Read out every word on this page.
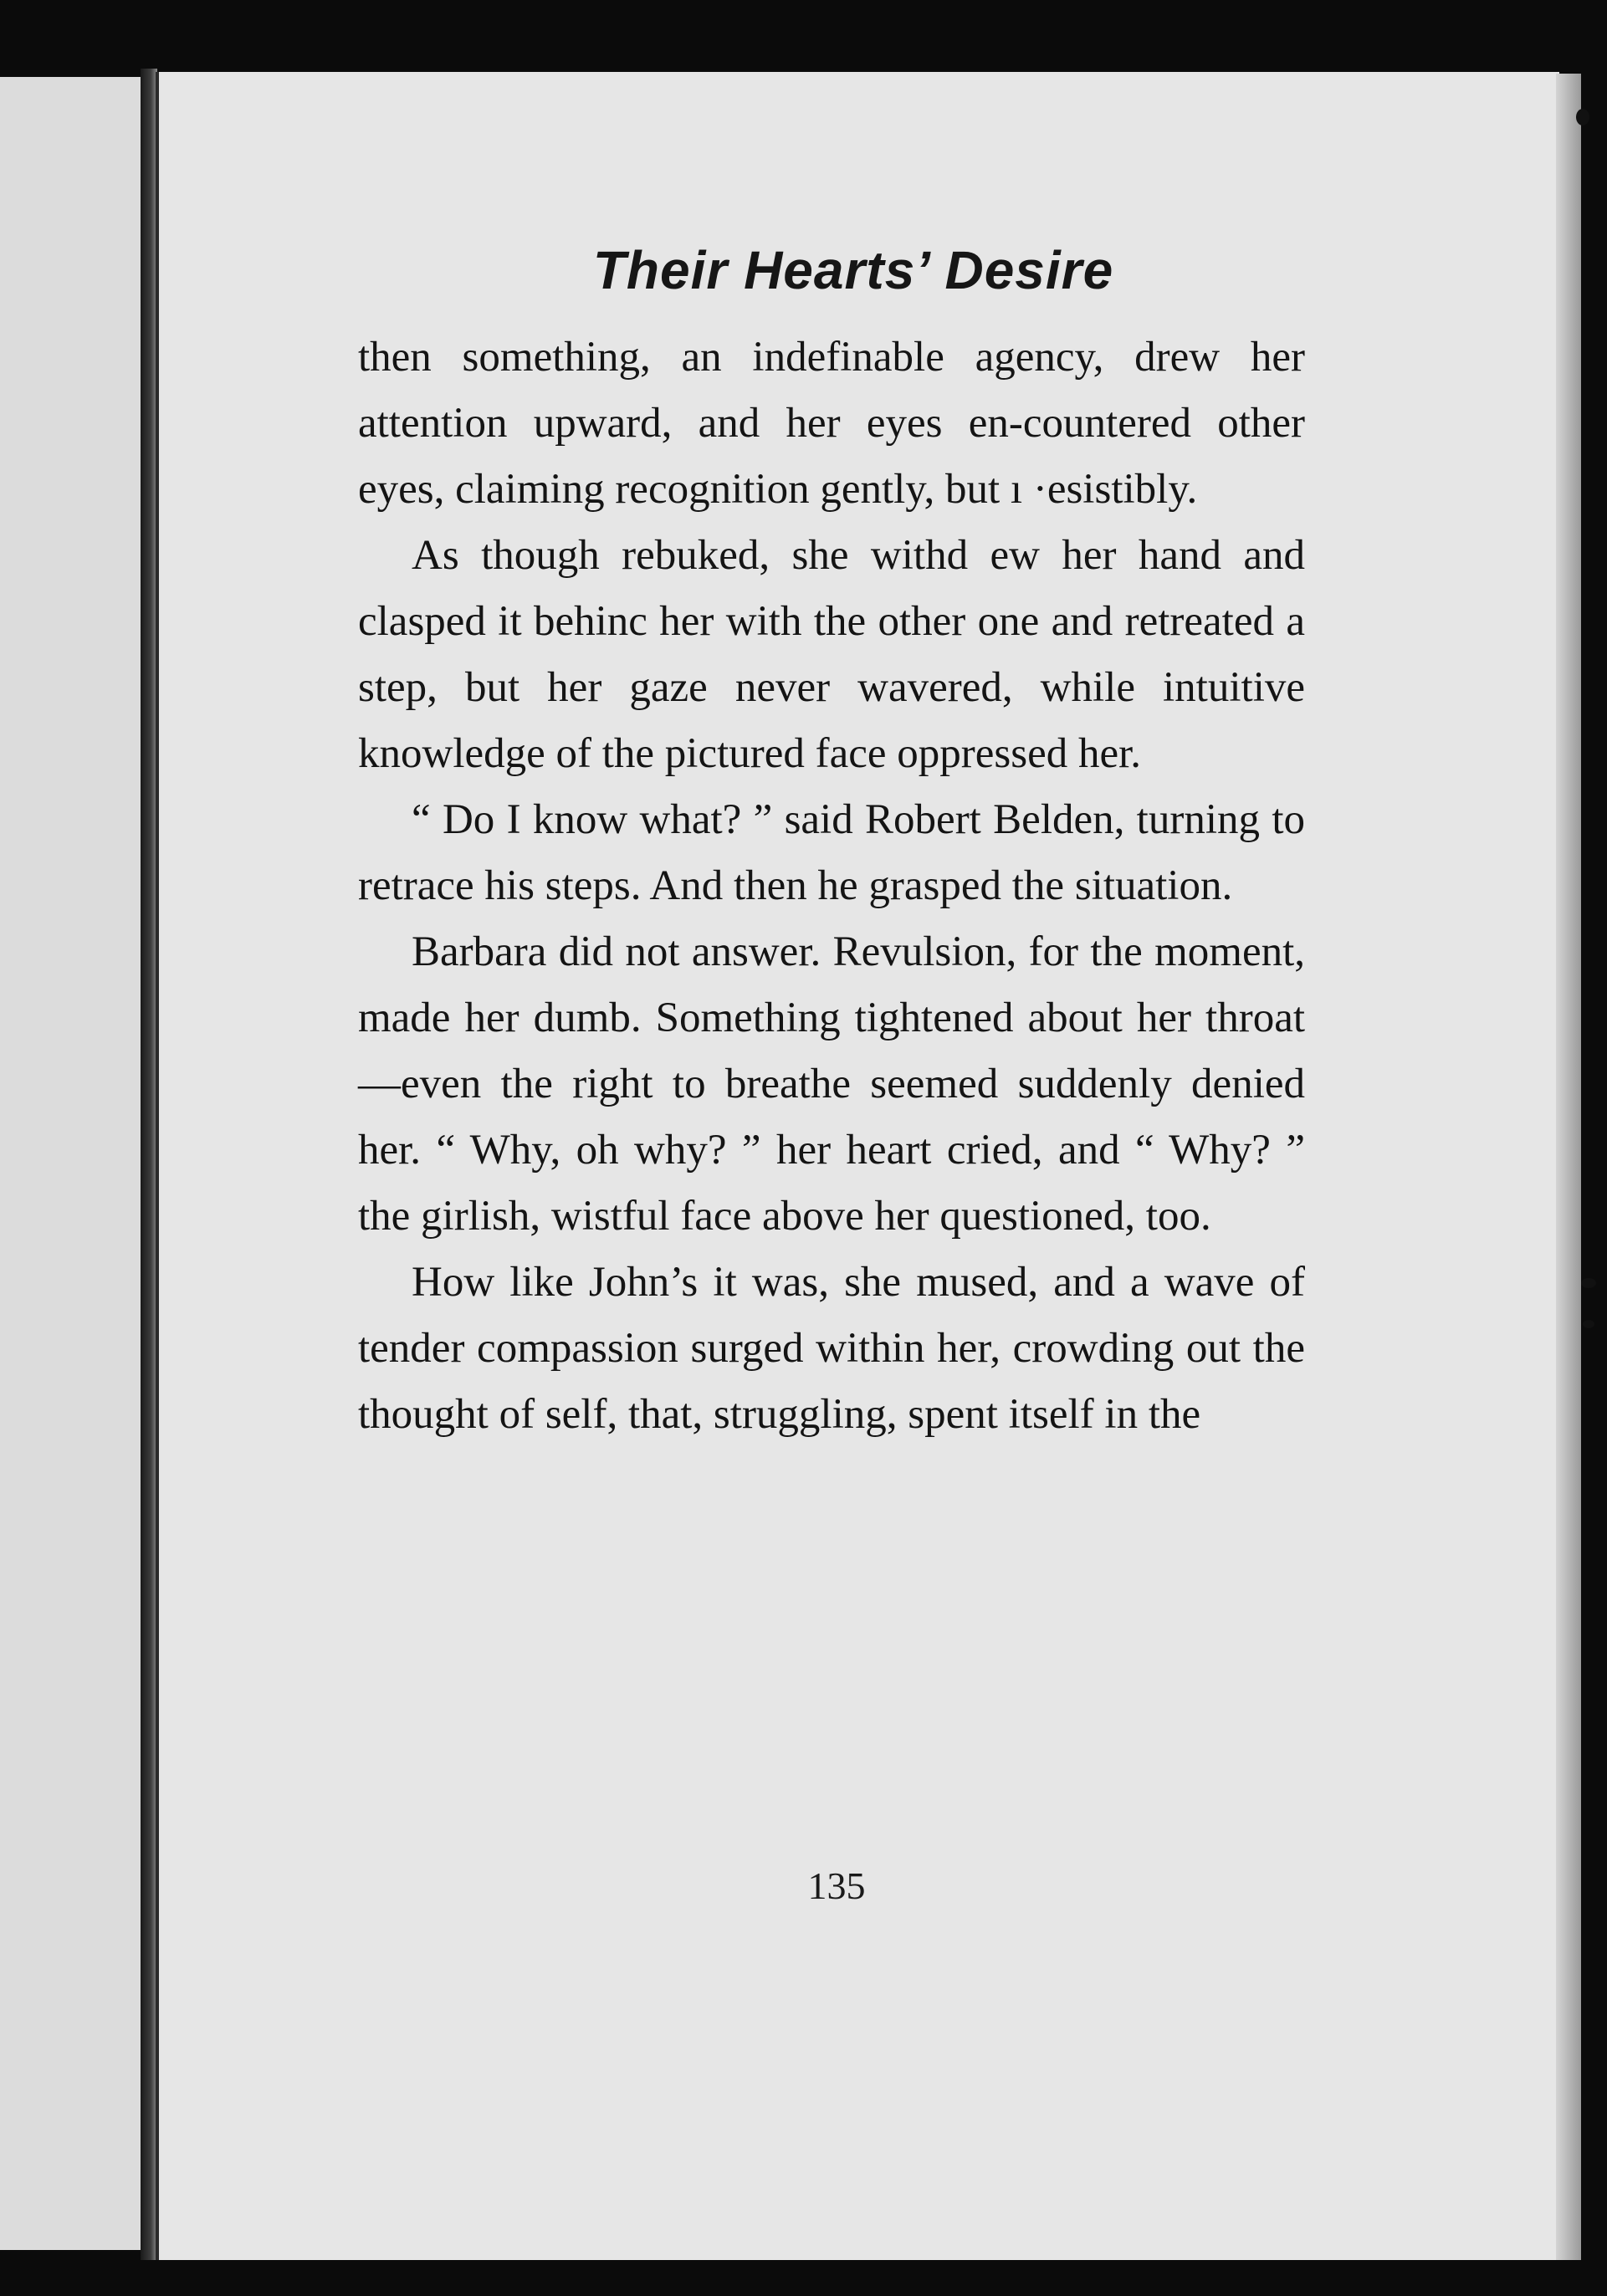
Their Hearts’ Desire

then something, an indefinable agency, drew her attention upward, and her eyes en-countered other eyes, claiming recognition gently, but ı ·esistibly.

As though rebuked, she withd ew her hand and clasped it behinc her with the other one and retreated a step, but her gaze never wavered, while intuitive knowledge of the pictured face oppressed her.

“ Do I know what? ” said Robert Belden, turning to retrace his steps. And then he grasped the situation.

Barbara did not answer. Revulsion, for the moment, made her dumb. Something tightened about her throat—even the right to breathe seemed suddenly denied her. “ Why, oh why? ” her heart cried, and “ Why? ” the girlish, wistful face above her questioned, too.

How like John’s it was, she mused, and a wave of tender compassion surged within her, crowding out the thought of self, that, struggling, spent itself in the

135
